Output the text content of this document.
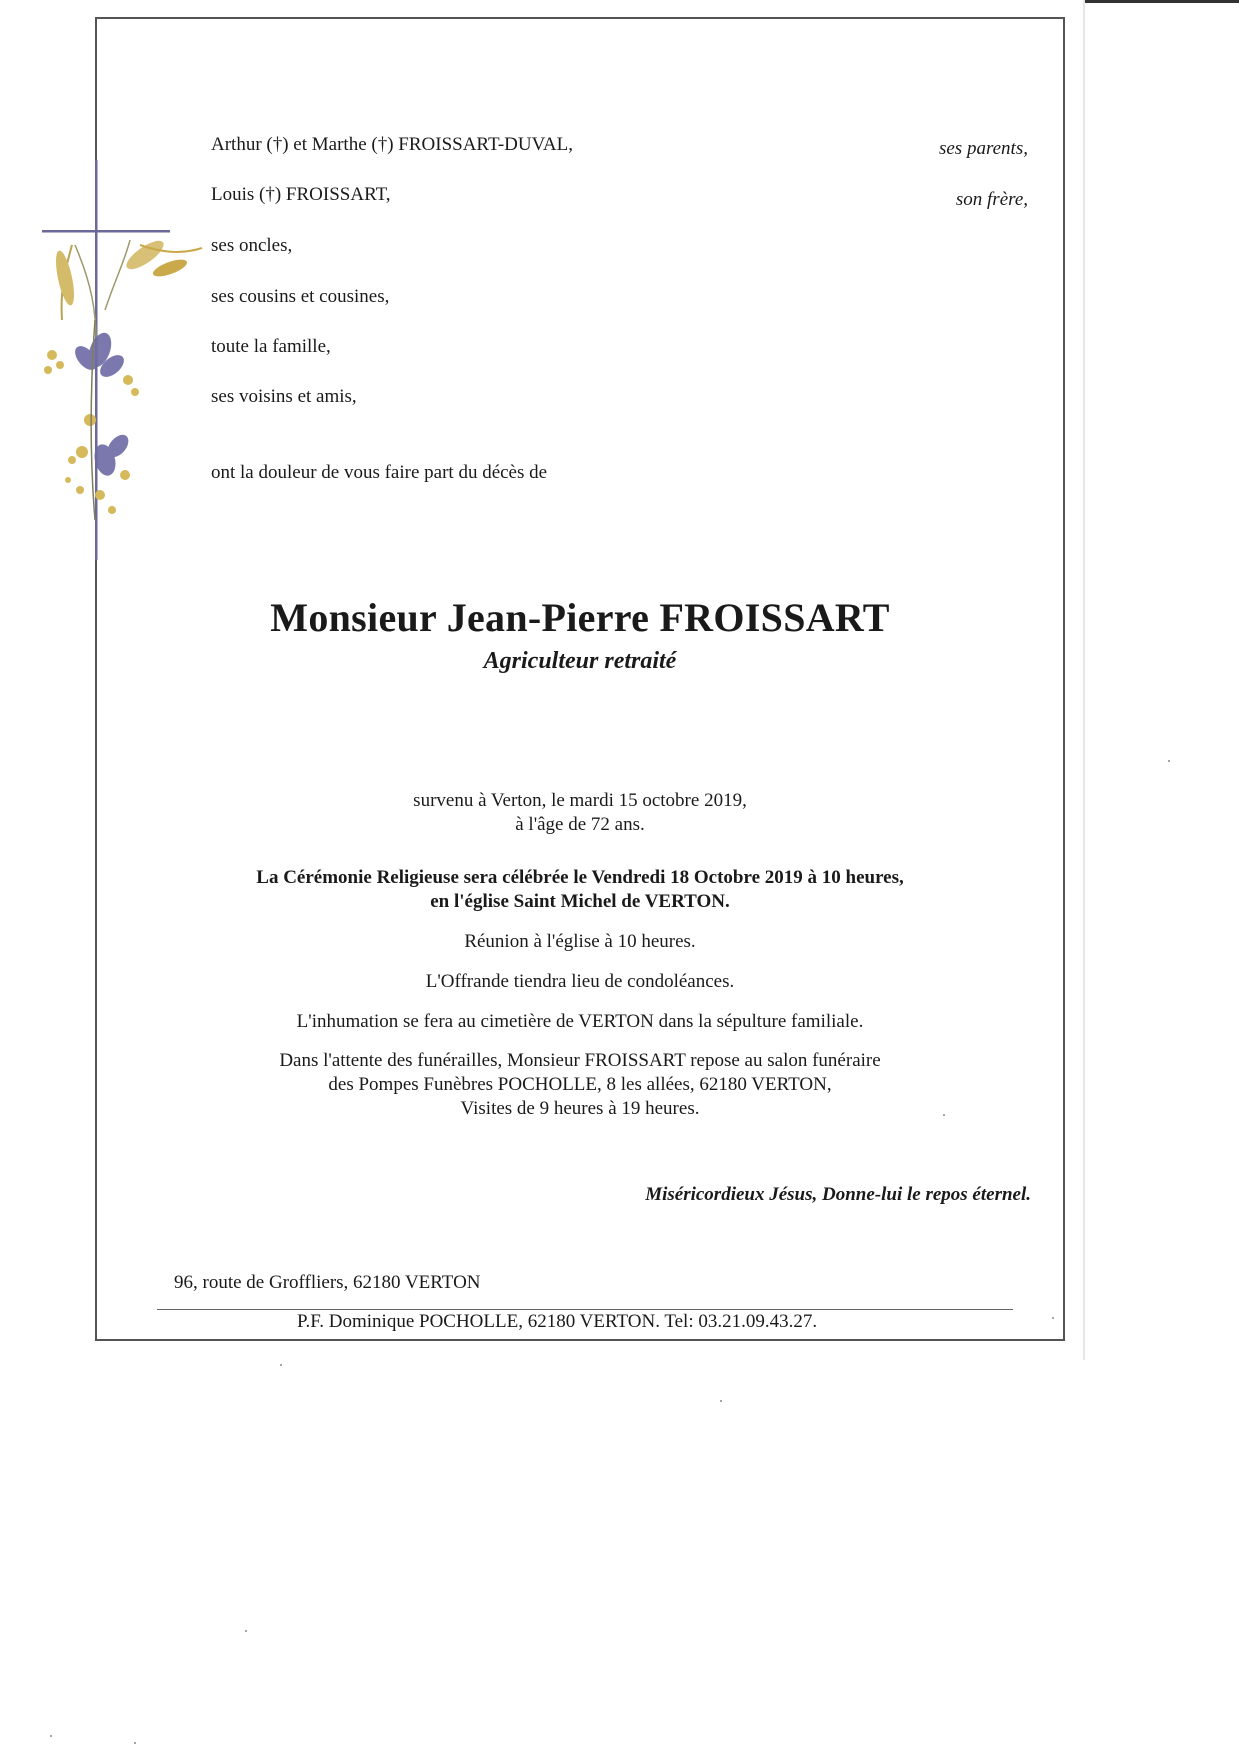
Arthur (†) et Marthe (†) FROISSART-DUVAL,	ses parents,
Louis (†) FROISSART,	son frère,
ses oncles,
ses cousins et cousines,
toute la famille,
ses voisins et amis,
ont la douleur de vous faire part du décès de
Monsieur Jean-Pierre FROISSART
Agriculteur retraité
survenu à Verton, le mardi 15 octobre 2019,
à l'âge de 72 ans.
La Cérémonie Religieuse sera célébrée le Vendredi 18 Octobre 2019 à 10 heures,
en l'église Saint Michel de VERTON.
Réunion à l'église à 10 heures.
L'Offrande tiendra lieu de condoléances.
L'inhumation se fera au cimetière de VERTON dans la sépulture familiale.
Dans l'attente des funérailles, Monsieur FROISSART repose au salon funéraire
des Pompes Funèbres POCHOLLE, 8 les allées, 62180 VERTON,
Visites de 9 heures à 19 heures.
Miséricordieux Jésus, Donne-lui le repos éternel.
96, route de Groffliers, 62180 VERTON
P.F. Dominique POCHOLLE, 62180 VERTON. Tel: 03.21.09.43.27.
